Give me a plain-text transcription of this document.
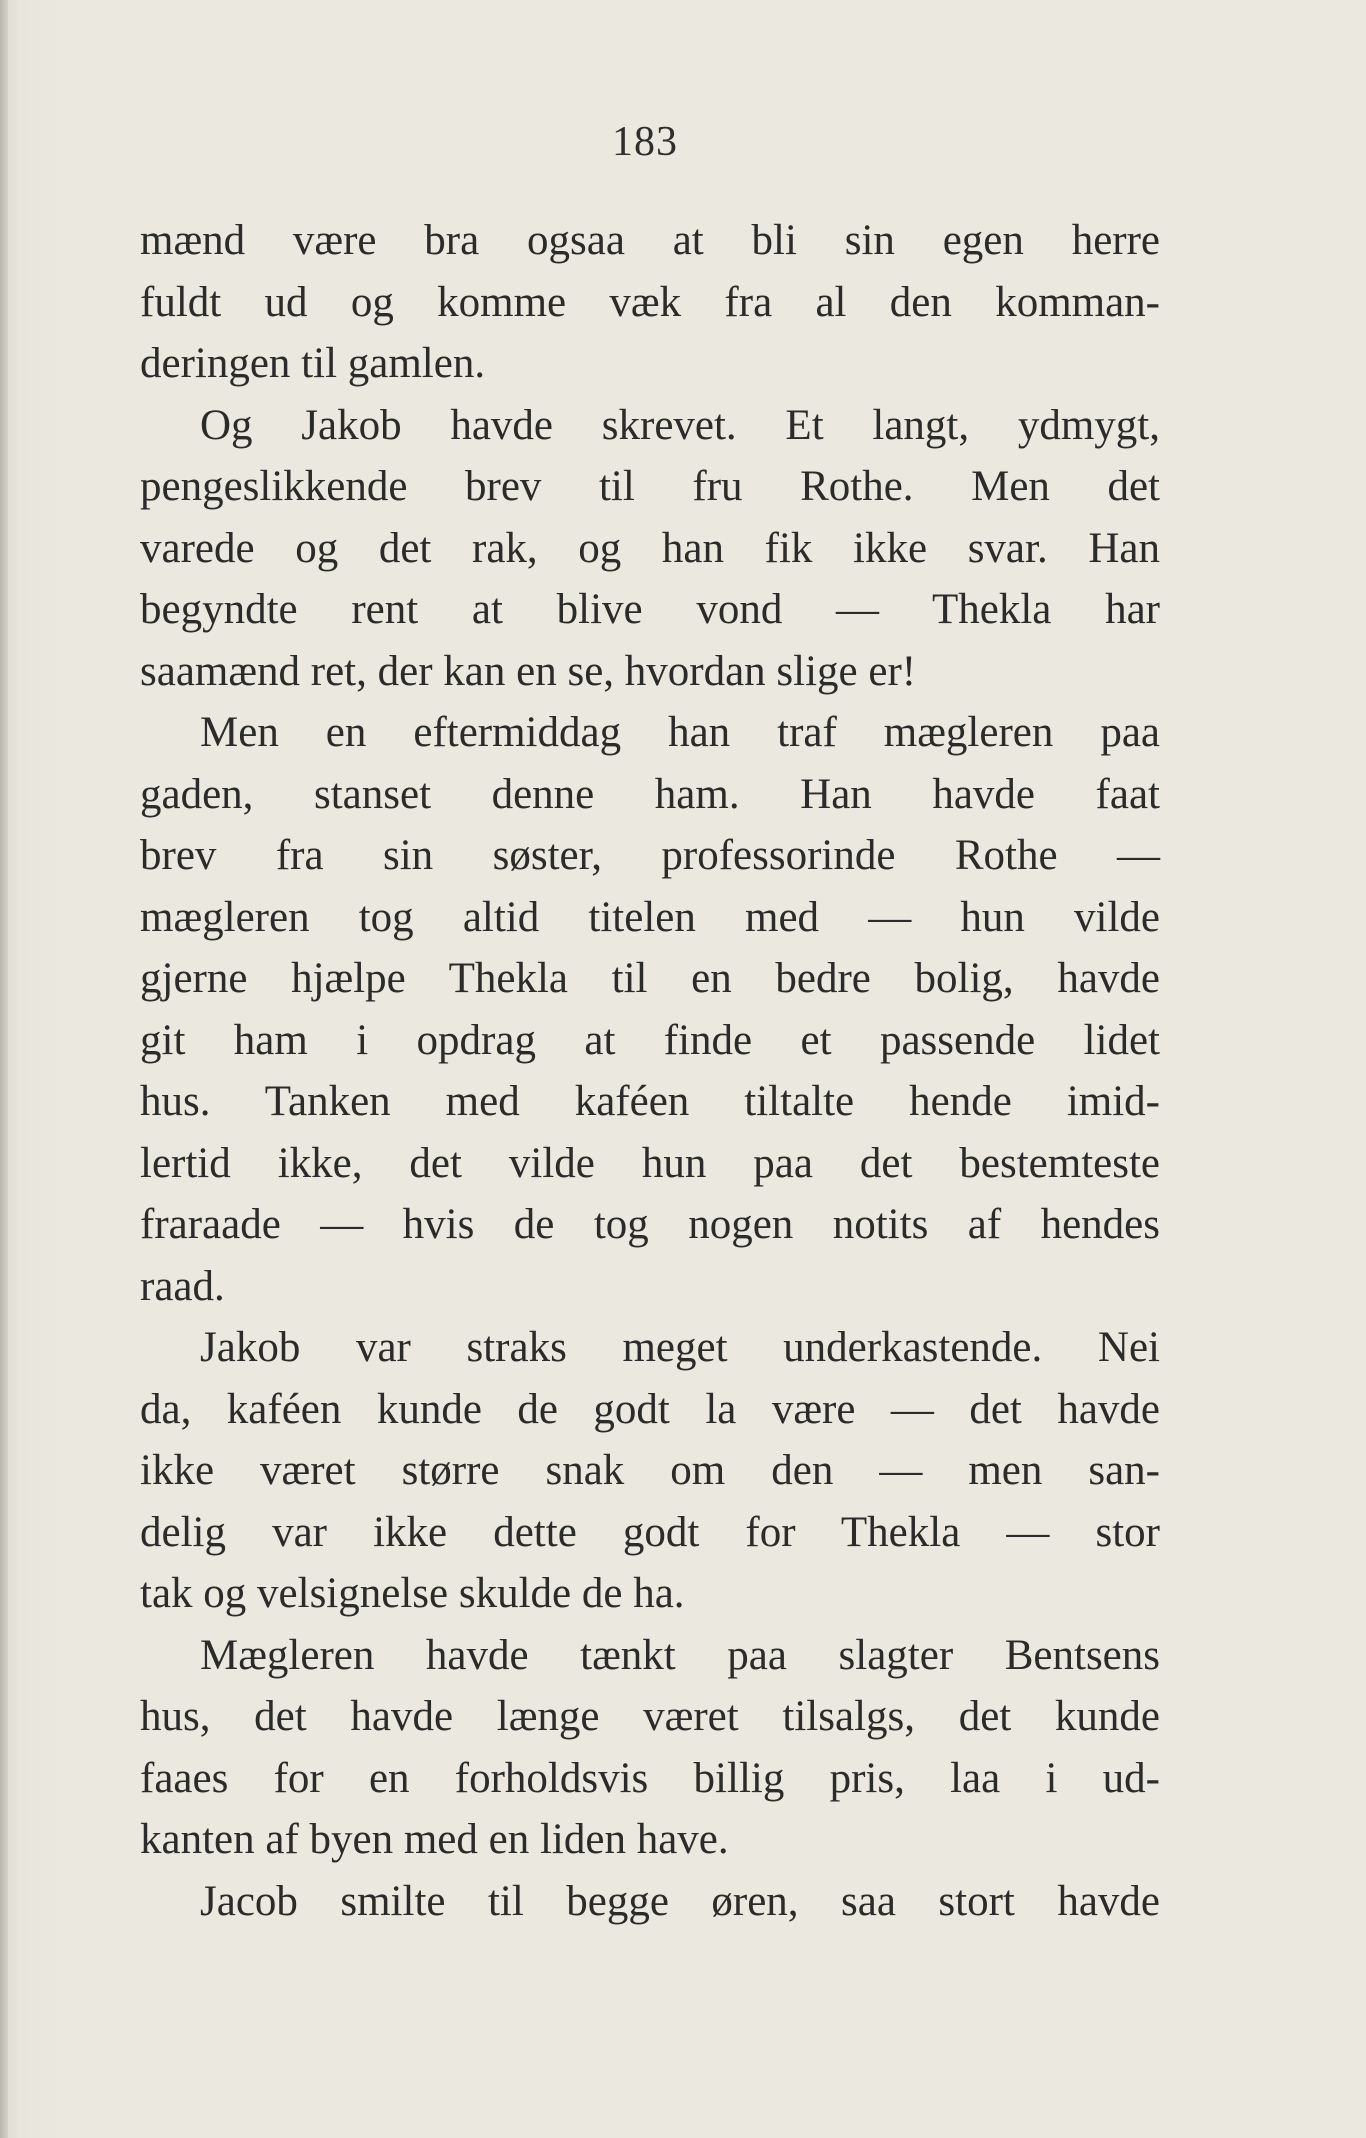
183
mænd være bra ogsaa at bli sin egen herre
fuldt ud og komme væk fra al den komman-
deringen til gamlen.
Og Jakob havde skrevet. Et langt, ydmygt,
pengeslikkende brev til fru Rothe. Men det
varede og det rak, og han fik ikke svar. Han
begyndte rent at blive vond — Thekla har
saamænd ret, der kan en se, hvordan slige er!
Men en eftermiddag han traf mægleren paa
gaden, stanset denne ham. Han havde faat
brev fra sin søster, professorinde Rothe —
mægleren tog altid titelen med — hun vilde
gjerne hjælpe Thekla til en bedre bolig, havde
git ham i opdrag at finde et passende lidet
hus. Tanken med kaféen tiltalte hende imid-
lertid ikke, det vilde hun paa det bestemteste
fraraade — hvis de tog nogen notits af hendes
raad.
Jakob var straks meget underkastende. Nei
da, kaféen kunde de godt la være — det havde
ikke været større snak om den — men san-
delig var ikke dette godt for Thekla — stor
tak og velsignelse skulde de ha.
Mægleren havde tænkt paa slagter Bentsens
hus, det havde længe været tilsalgs, det kunde
faaes for en forholdsvis billig pris, laa i ud-
kanten af byen med en liden have.
Jacob smilte til begge øren, saa stort havde
